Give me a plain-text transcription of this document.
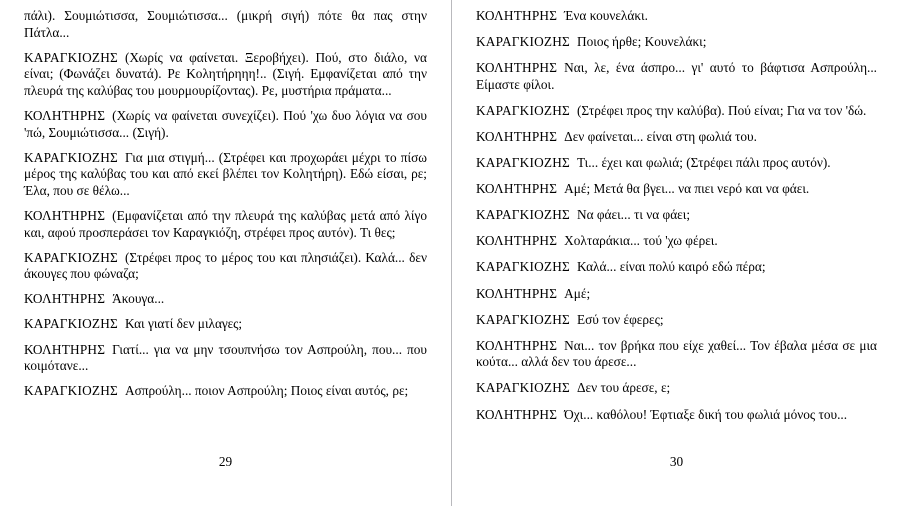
πάλι). Σουμιώτισσα, Σουμιώτισσα... (μικρή σιγή) πότε θα πας στην Πάτλα...

ΚΑΡΑΓΚΙΟΖΗΣ (Χωρίς να φαίνεται. Ξεροβήχει). Πού, στο διάλο, να είναι; (Φωνάζει δυνατά). Ρε Κολητήρηηη!.. (Σιγή. Εμφανίζεται από την πλευρά της καλύβας του μουρμουρίζοντας). Ρε, μυστήρια πράματα...

ΚΟΛΗΤΗΡΗΣ (Χωρίς να φαίνεται συνεχίζει). Πού 'χω δυο λόγια να σου 'πώ, Σουμιώτισσα... (Σιγή).

ΚΑΡΑΓΚΙΟΖΗΣ Για μια στιγμή... (Στρέφει και προχωράει μέχρι το πίσω μέρος της καλύβας του και από εκεί βλέπει τον Κολητήρη). Εδώ είσαι, ρε; Έλα, που σε θέλω...

ΚΟΛΗΤΗΡΗΣ (Εμφανίζεται από την πλευρά της καλύβας μετά από λίγο και, αφού προσπεράσει τον Καραγκιόζη, στρέφει προς αυτόν). Τι θες;

ΚΑΡΑΓΚΙΟΖΗΣ (Στρέφει προς το μέρος του και πλησιάζει). Καλά... δεν άκουγες που φώναζα;

ΚΟΛΗΤΗΡΗΣ Άκουγα...

ΚΑΡΑΓΚΙΟΖΗΣ Και γιατί δεν μιλαγες;

ΚΟΛΗΤΗΡΗΣ Γιατί... για να μην τσουπνήσω τον Ασπρούλη, που... που κοιμότανε...

ΚΑΡΑΓΚΙΟΖΗΣ Ασπρούλη... ποιον Ασπρούλη; Ποιος είναι αυτός, ρε;

29

ΚΟΛΗΤΗΡΗΣ Ένα κουνελάκι.

ΚΑΡΑΓΚΙΟΖΗΣ Ποιος ήρθε; Κουνελάκι;

ΚΟΛΗΤΗΡΗΣ Ναι, λε, ένα άσπρο... γι' αυτό το βάφτισα Ασπρούλη... Είμαστε φίλοι.

ΚΑΡΑΓΚΙΟΖΗΣ (Στρέφει προς την καλύβα). Πού είναι; Για να τον 'δώ.

ΚΟΛΗΤΗΡΗΣ Δεν φαίνεται... είναι στη φωλιά του.

ΚΑΡΑΓΚΙΟΖΗΣ Τι... έχει και φωλιά; (Στρέφει πάλι προς αυτόν).

ΚΟΛΗΤΗΡΗΣ Αμέ; Μετά θα βγει... να πιει νερό και να φάει.

ΚΑΡΑΓΚΙΟΖΗΣ Να φάει... τι να φάει;

ΚΟΛΗΤΗΡΗΣ Χολταράκια... τού 'χω φέρει.

ΚΑΡΑΓΚΙΟΖΗΣ Καλά... είναι πολύ καιρό εδώ πέρα;

ΚΟΛΗΤΗΡΗΣ Αμέ;

ΚΑΡΑΓΚΙΟΖΗΣ Εσύ τον έφερες;

ΚΟΛΗΤΗΡΗΣ Ναι... τον βρήκα που είχε χαθεί... Τον έβαλα μέσα σε μια κούτα... αλλά δεν του άρεσε...

ΚΑΡΑΓΚΙΟΖΗΣ Δεν του άρεσε, ε;

ΚΟΛΗΤΗΡΗΣ Όχι... καθόλου! Έφτιαξε δική του φωλιά μόνος του...

30
